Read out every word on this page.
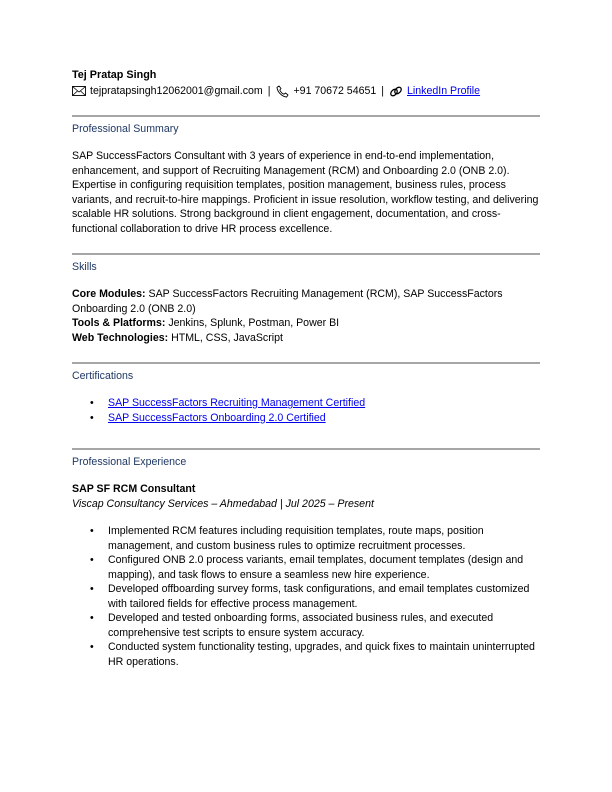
Tej Pratap Singh
tejpratapsingh12062001@gmail.com | +91 70672 54651 | LinkedIn Profile
Professional Summary
SAP SuccessFactors Consultant with 3 years of experience in end-to-end implementation, enhancement, and support of Recruiting Management (RCM) and Onboarding 2.0 (ONB 2.0). Expertise in configuring requisition templates, position management, business rules, process variants, and recruit-to-hire mappings. Proficient in issue resolution, workflow testing, and delivering scalable HR solutions. Strong background in client engagement, documentation, and cross-functional collaboration to drive HR process excellence.
Skills
Core Modules: SAP SuccessFactors Recruiting Management (RCM), SAP SuccessFactors Onboarding 2.0 (ONB 2.0)
Tools & Platforms: Jenkins, Splunk, Postman, Power BI
Web Technologies: HTML, CSS, JavaScript
Certifications
• SAP SuccessFactors Recruiting Management Certified
• SAP SuccessFactors Onboarding 2.0 Certified
Professional Experience
SAP SF RCM Consultant
Viscap Consultancy Services – Ahmedabad | Jul 2025 – Present
• Implemented RCM features including requisition templates, route maps, position management, and custom business rules to optimize recruitment processes.
• Configured ONB 2.0 process variants, email templates, document templates (design and mapping), and task flows to ensure a seamless new hire experience.
• Developed offboarding survey forms, task configurations, and email templates customized with tailored fields for effective process management.
• Developed and tested onboarding forms, associated business rules, and executed comprehensive test scripts to ensure system accuracy.
• Conducted system functionality testing, upgrades, and quick fixes to maintain uninterrupted HR operations.
